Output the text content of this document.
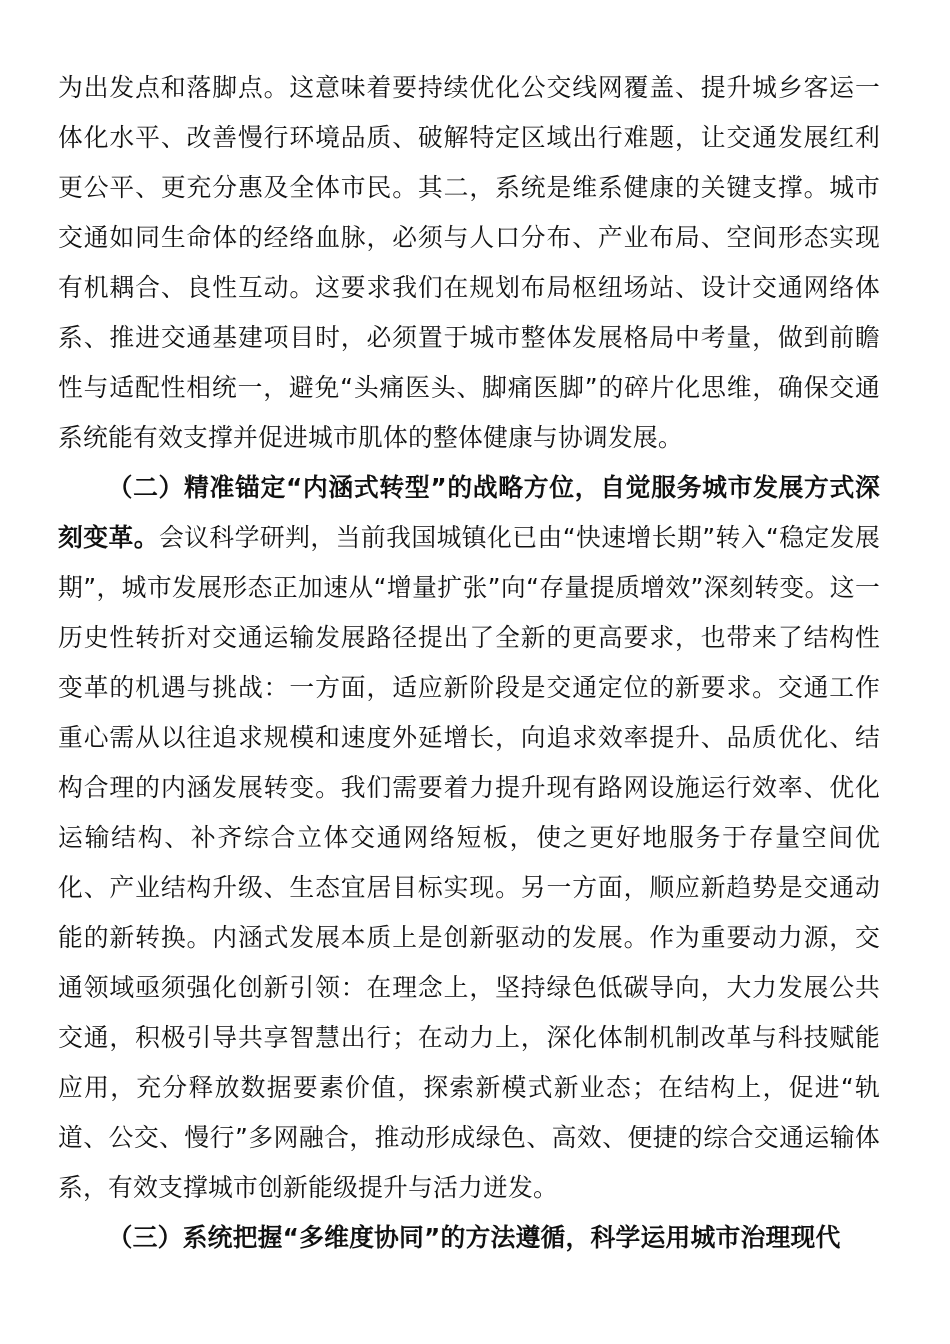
为出发点和落脚点。这意味着要持续优化公交线网覆盖、提升城乡客运一体化水平、改善慢行环境品质、破解特定区域出行难题，让交通发展红利更公平、更充分惠及全体市民。其二，系统是维系健康的关键支撑。城市交通如同生命体的经络血脉，必须与人口分布、产业布局、空间形态实现有机耦合、良性互动。这要求我们在规划布局枢纽场站、设计交通网络体系、推进交通基建项目时，必须置于城市整体发展格局中考量，做到前瞻性与适配性相统一，避免“头痛医头、脚痛医脚”的碎片化思维，确保交通系统能有效支撑并促进城市肌体的整体健康与协调发展。

（二）精准锚定“内涵式转型”的战略方位，自觉服务城市发展方式深刻变革。会议科学研判，当前我国城镇化已由“快速增长期”转入“稳定发展期”，城市发展形态正加速从“增量扩张”向“存量提质增效”深刻转变。这一历史性转折对交通运输发展路径提出了全新的更高要求，也带来了结构性变革的机遇与挑战：一方面，适应新阶段是交通定位的新要求。交通工作重心需从以往追求规模和速度外延增长，向追求效率提升、品质优化、结构合理的内涵发展转变。我们需要着力提升现有路网设施运行效率、优化运输结构、补齐综合立体交通网络短板，使之更好地服务于存量空间优化、产业结构升级、生态宜居目标实现。另一方面，顺应新趋势是交通动能的新转换。内涵式发展本质上是创新驱动的发展。作为重要动力源，交通领域亟须强化创新引领：在理念上，坚持绿色低碳导向，大力发展公共交通，积极引导共享智慧出行；在动力上，深化体制机制改革与科技赋能应用，充分释放数据要素价值，探索新模式新业态；在结构上，促进“轨道、公交、慢行”多网融合，推动形成绿色、高效、便捷的综合交通运输体系，有效支撑城市创新能级提升与活力迸发。

（三）系统把握“多维度协同”的方法遵循，科学运用城市治理现代
